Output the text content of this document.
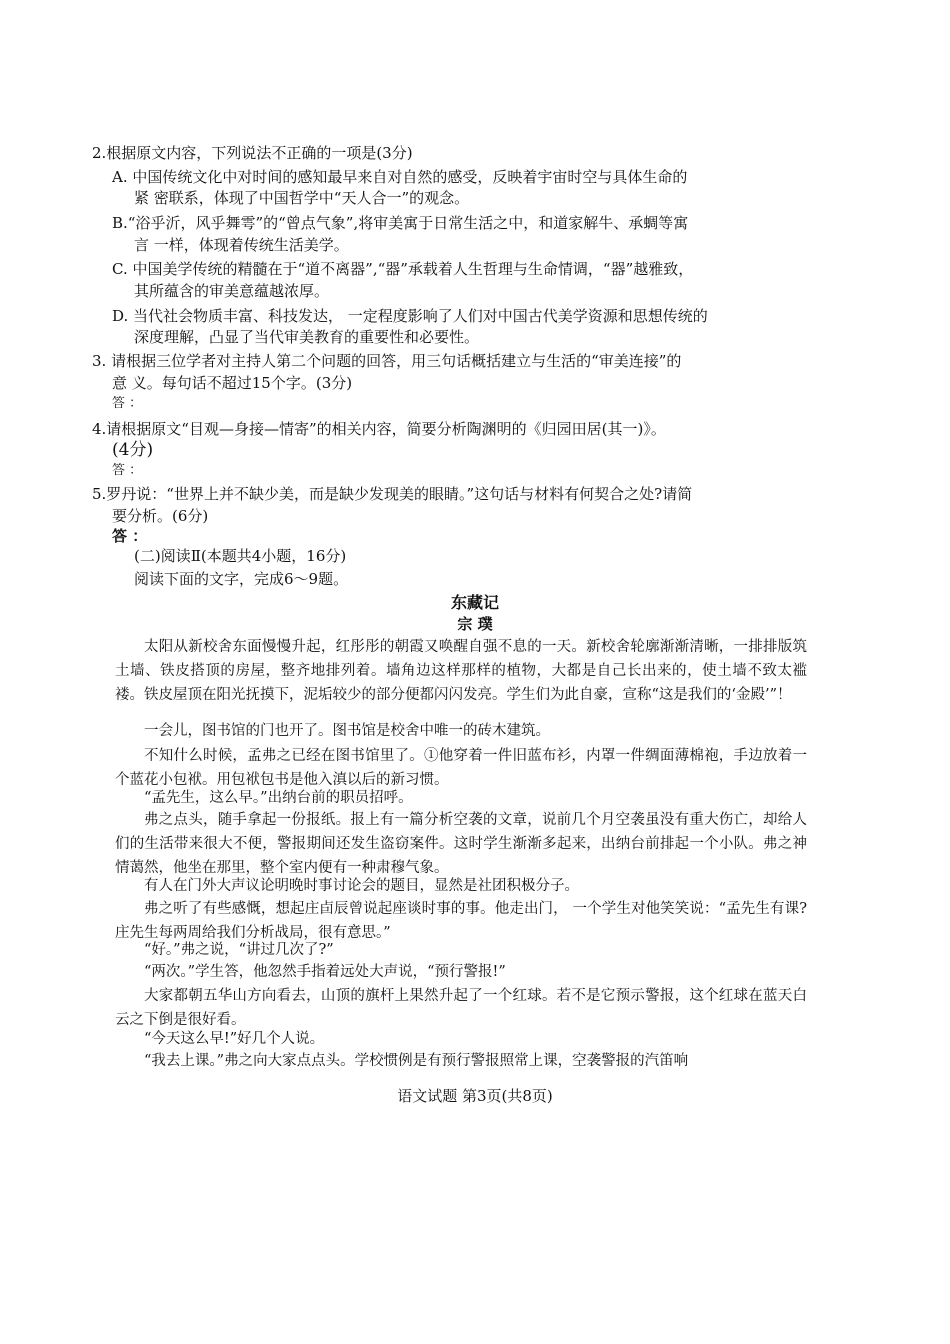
2.根据原文内容，下列说法不正确的一项是(3分)
A. 中国传统文化中对时间的感知最早来自对自然的感受，反映着宇宙时空与具体生命的
紧 密联系，体现了中国哲学中“天人合一”的观念。
B.“浴乎沂，风乎舞雩”的“曾点气象”,将审美寓于日常生活之中，和道家解牛、承蜩等寓
言 一样，体现着传统生活美学。
C. 中国美学传统的精髓在于“道不离器”,“器”承载着人生哲理与生命情调，“器”越雅致，
其所蕴含的审美意蕴越浓厚。
D. 当代社会物质丰富、科技发达， 一定程度影响了人们对中国古代美学资源和思想传统的
深度理解，凸显了当代审美教育的重要性和必要性。
3. 请根据三位学者对主持人第二个问题的回答，用三句话概括建立与生活的“审美连接”的
意 义。每句话不超过15个字。(3分)
答 ：
4.请根据原文“目观—身接—情寄”的相关内容，简要分析陶渊明的《归园田居(其一)》。
(4分)
答 ：
5.罗丹说：“世界上并不缺少美，而是缺少发现美的眼睛。”这句话与材料有何契合之处?请简
要分析。(6分)
答 ：
(二)阅读Ⅱ(本题共4小题，16分)
阅读下面的文字，完成6～9题。
东藏记
宗 璞
太阳从新校舍东面慢慢升起，红彤彤的朝霞又唤醒自强不息的一天。新校舍轮廓渐渐清晰，一排排版筑土墙、铁皮搭顶的房屋，整齐地排列着。墙角边这样那样的植物，大都是自己长出来的，使土墙不致太褴褛。铁皮屋顶在阳光抚摸下，泥垢较少的部分便都闪闪发亮。学生们为此自豪，宣称“这是我们的‘金殿’”！
一会儿，图书馆的门也开了。图书馆是校舍中唯一的砖木建筑。
不知什么时候，孟弗之已经在图书馆里了。①他穿着一件旧蓝布衫，内罩一件绸面薄棉袍，手边放着一个蓝花小包袱。用包袱包书是他入滇以后的新习惯。
“孟先生，这么早。”出纳台前的职员招呼。
弗之点头，随手拿起一份报纸。报上有一篇分析空袭的文章，说前几个月空袭虽没有重大伤亡，却给人们的生活带来很大不便，警报期间还发生盗窃案件。这时学生渐渐多起来，出纳台前排起一个小队。弗之神情蔼然，他坐在那里，整个室内便有一种肃穆气象。
有人在门外大声议论明晚时事讨论会的题目，显然是社团积极分子。
弗之听了有些感慨，想起庄卣辰曾说起座谈时事的事。他走出门， 一个学生对他笑笑说：“孟先生有课?庄先生每两周给我们分析战局，很有意思。”
“好。”弗之说，“讲过几次了?”
“两次。”学生答，他忽然手指着远处大声说，“预行警报!”
大家都朝五华山方向看去，山顶的旗杆上果然升起了一个红球。若不是它预示警报，这个红球在蓝天白云之下倒是很好看。
“今天这么早!”好几个人说。
“我去上课。”弗之向大家点点头。学校惯例是有预行警报照常上课，空袭警报的汽笛响
语文试题 第3页(共8页)
